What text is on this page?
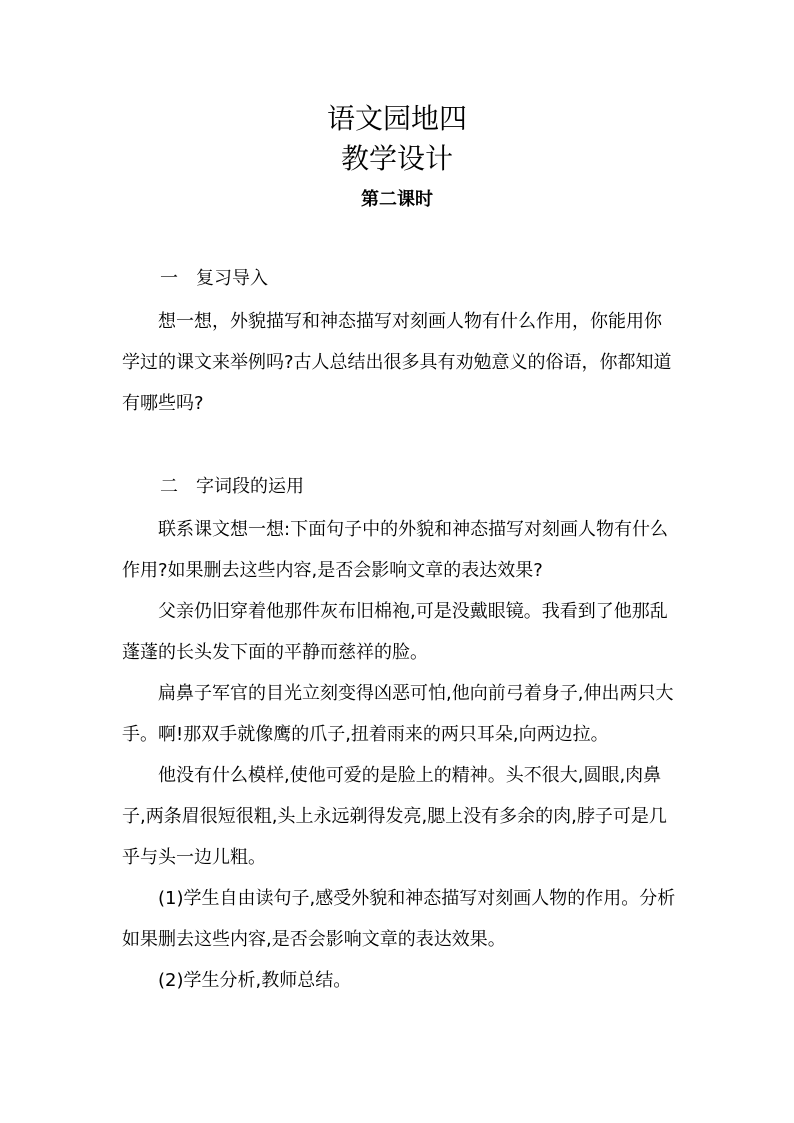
语文园地四
教学设计
第二课时
一　复习导入

想一想，外貌描写和神态描写对刻画人物有什么作用，你能用你学过的课文来举例吗?古人总结出很多具有劝勉意义的俗语，你都知道有哪些吗?

二　字词段的运用

联系课文想一想:下面句子中的外貌和神态描写对刻画人物有什么作用?如果删去这些内容,是否会影响文章的表达效果?

父亲仍旧穿着他那件灰布旧棉袍,可是没戴眼镜。我看到了他那乱蓬蓬的长头发下面的平静而慈祥的脸。

扁鼻子军官的目光立刻变得凶恶可怕,他向前弓着身子,伸出两只大手。啊!那双手就像鹰的爪子,扭着雨来的两只耳朵,向两边拉。

他没有什么模样,使他可爱的是脸上的精神。头不很大,圆眼,肉鼻子,两条眉很短很粗,头上永远剃得发亮,腮上没有多余的肉,脖子可是几乎与头一边儿粗。

(1)学生自由读句子,感受外貌和神态描写对刻画人物的作用。分析如果删去这些内容,是否会影响文章的表达效果。

(2)学生分析,教师总结。
